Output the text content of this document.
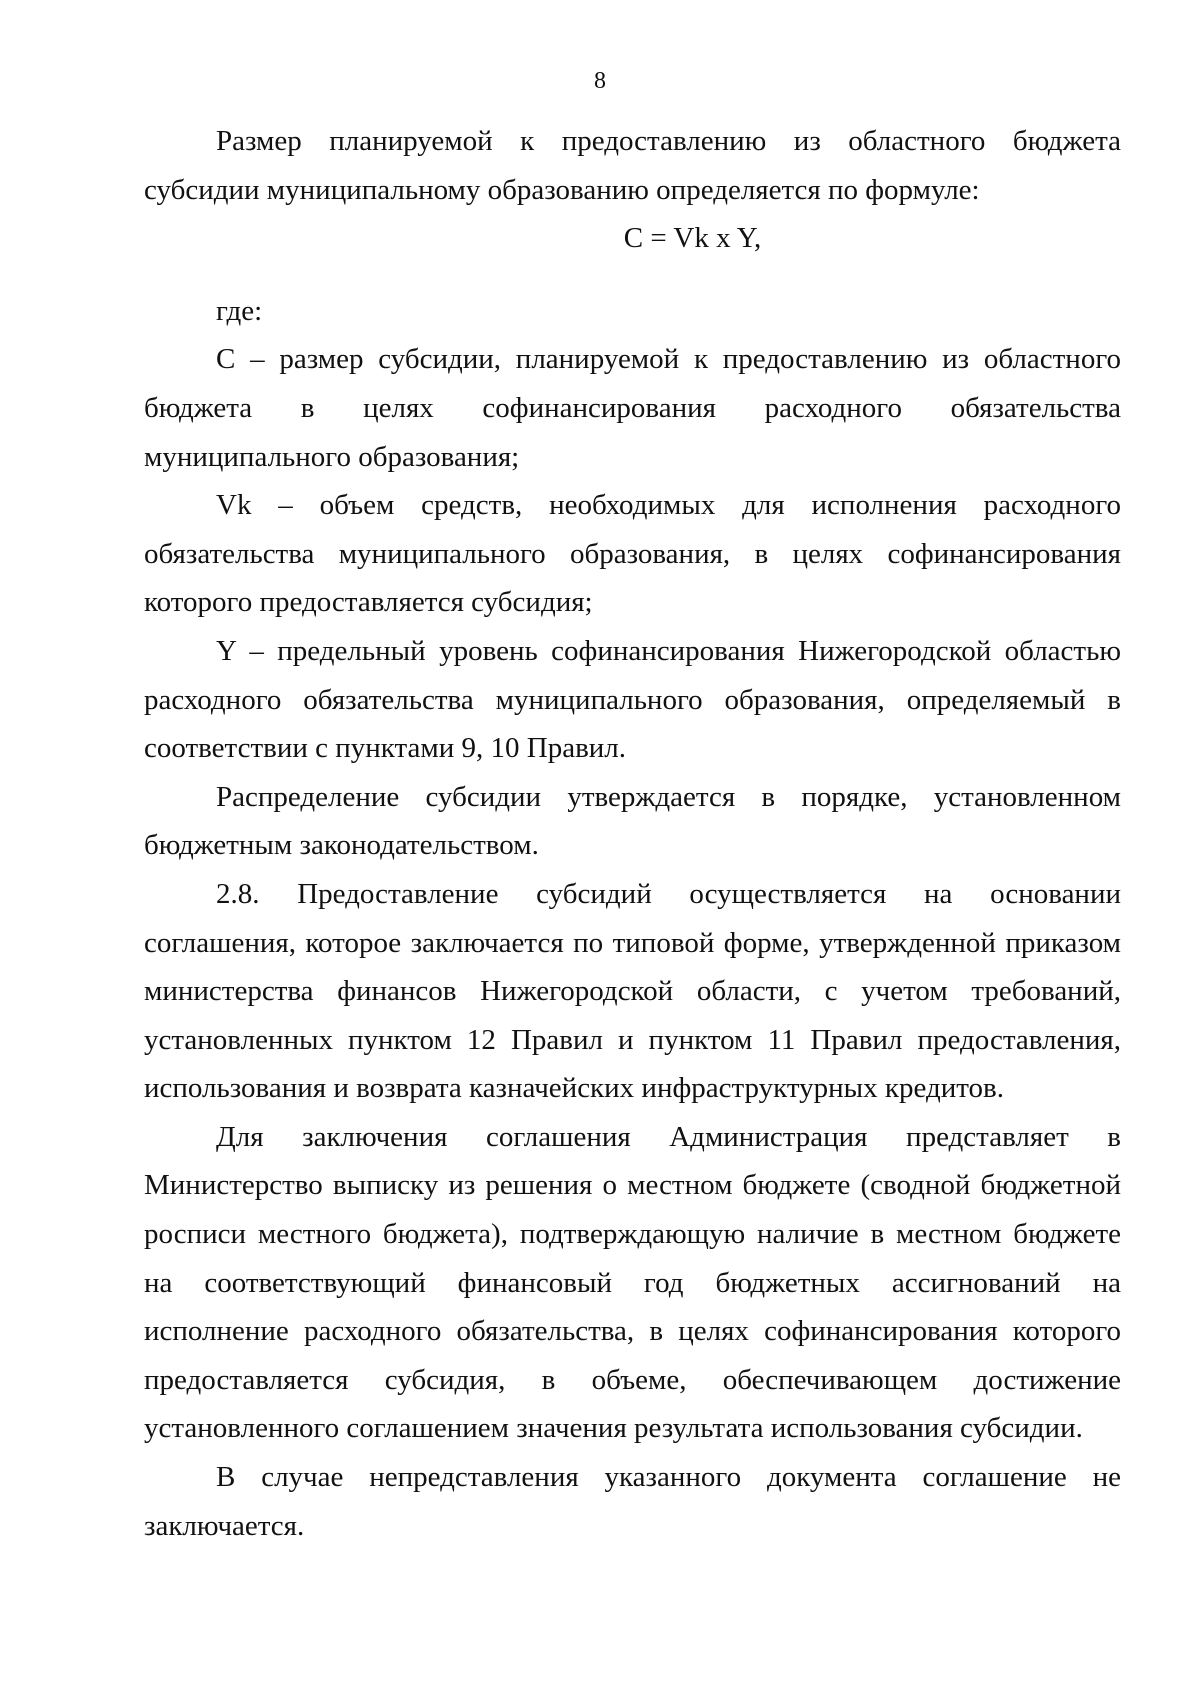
8

Размер планируемой к предоставлению из областного бюджета субсидии муниципальному образованию определяется по формуле:

C = Vk x Y,

где:

C – размер субсидии, планируемой к предоставлению из областного бюджета в целях софинансирования расходного обязательства муниципального образования;

Vk – объем средств, необходимых для исполнения расходного обязательства муниципального образования, в целях софинансирования которого предоставляется субсидия;

Y – предельный уровень софинансирования Нижегородской областью расходного обязательства муниципального образования, определяемый в соответствии с пунктами 9, 10 Правил.

Распределение субсидии утверждается в порядке, установленном бюджетным законодательством.

2.8. Предоставление субсидий осуществляется на основании соглашения, которое заключается по типовой форме, утвержденной приказом министерства финансов Нижегородской области, с учетом требований, установленных пунктом 12 Правил и пунктом 11 Правил предоставления, использования и возврата казначейских инфраструктурных кредитов.

Для заключения соглашения Администрация представляет в Министерство выписку из решения о местном бюджете (сводной бюджетной росписи местного бюджета), подтверждающую наличие в местном бюджете на соответствующий финансовый год бюджетных ассигнований на исполнение расходного обязательства, в целях софинансирования которого предоставляется субсидия, в объеме, обеспечивающем достижение установленного соглашением значения результата использования субсидии.

В случае непредставления указанного документа соглашение не заключается.
